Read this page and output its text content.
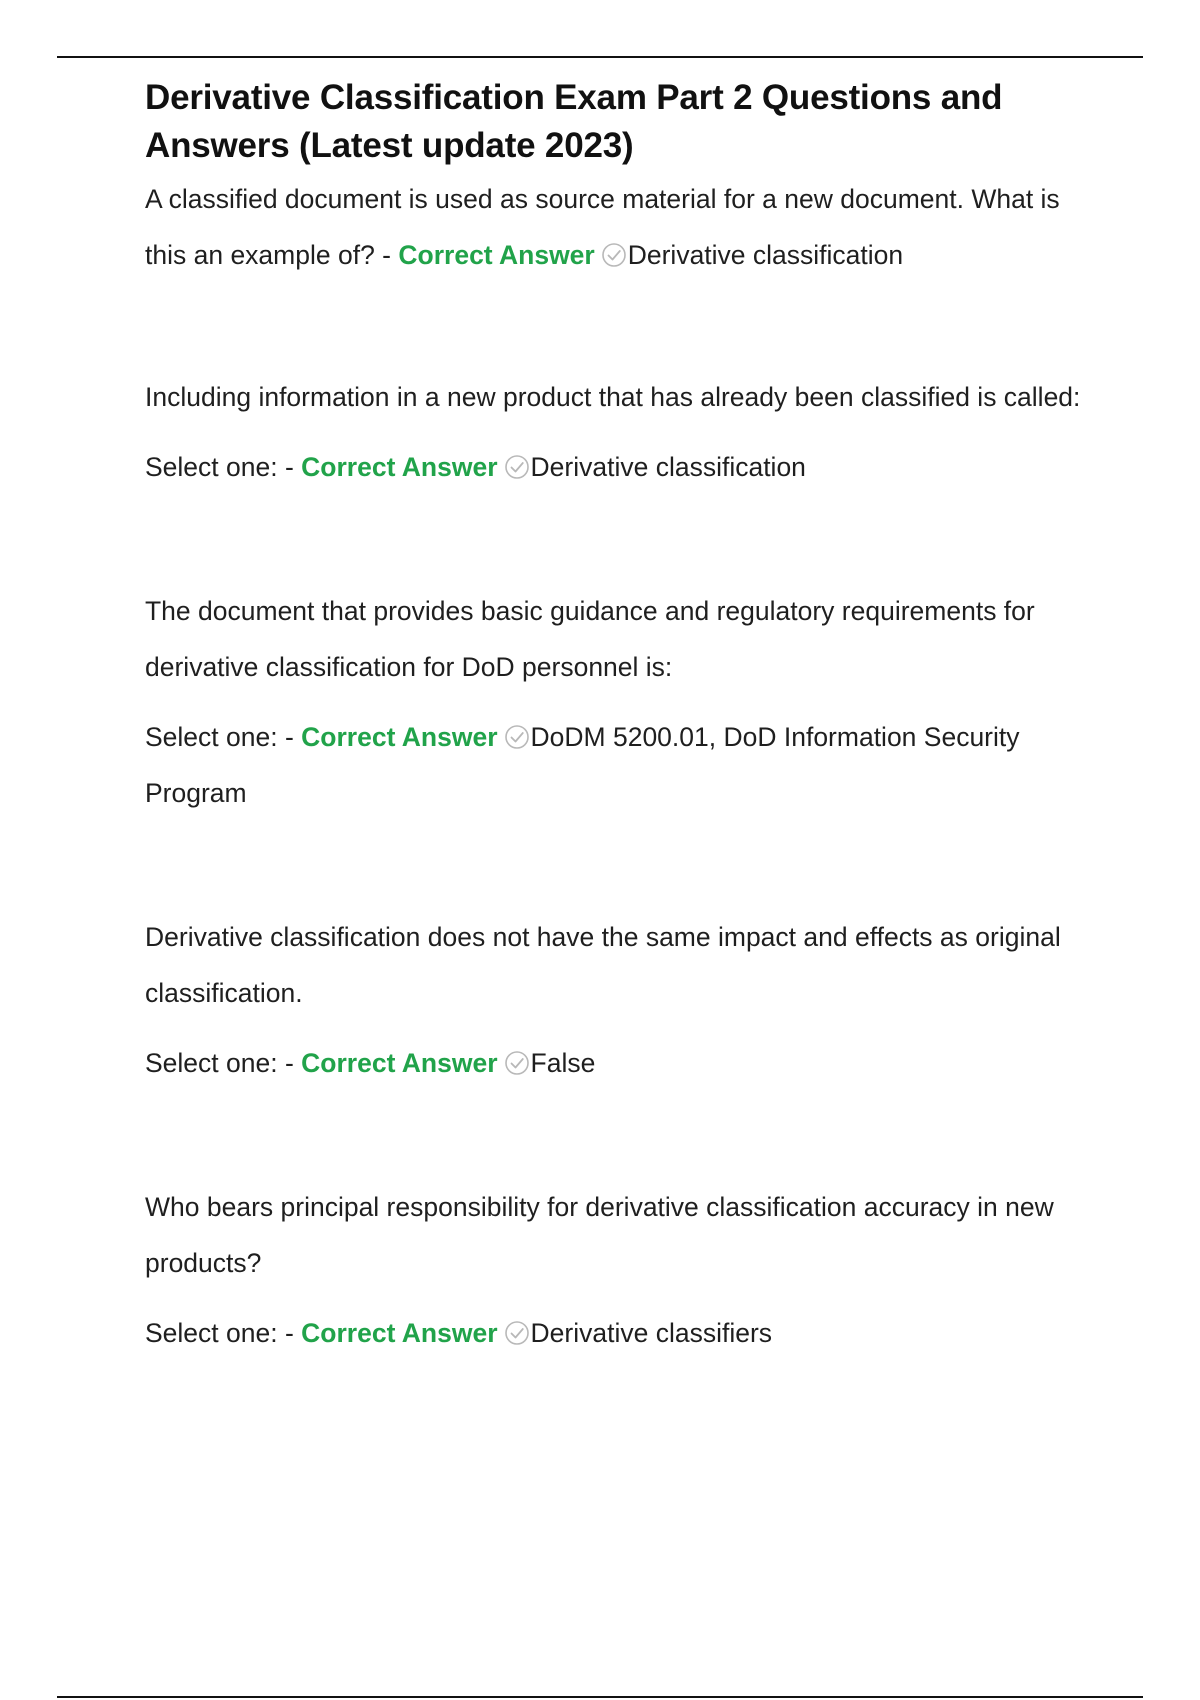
Derivative Classification Exam Part 2 Questions and Answers (Latest update 2023)

A classified document is used as source material for a new document. What is this an example of? - Correct Answer Derivative classification

Including information in a new product that has already been classified is called:

Select one: - Correct Answer Derivative classification

The document that provides basic guidance and regulatory requirements for derivative classification for DoD personnel is:

Select one: - Correct Answer DoDM 5200.01, DoD Information Security Program

Derivative classification does not have the same impact and effects as original classification.

Select one: - Correct Answer False

Who bears principal responsibility for derivative classification accuracy in new products?

Select one: - Correct Answer Derivative classifiers
